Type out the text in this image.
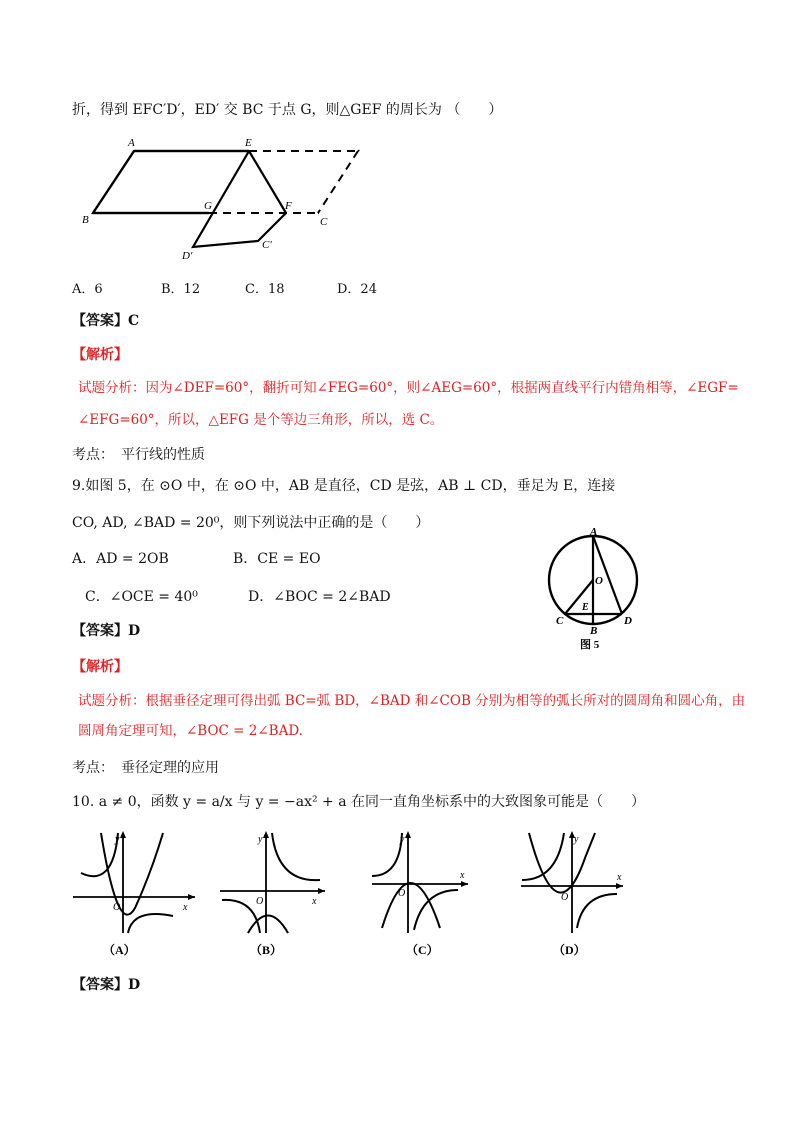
折，得到 EFC′D′，ED′ 交 BC 于点 G，则△GEF 的周长为 （　　）
A	E
B
G	F
C
D′
C′
A．6	B．12	C．18	D．24
【答案】C
【解析】
试题分析：因为∠DEF=60°，翻折可知∠FEG=60°，则∠AEG=60°，根据两直线平行内错角相等，∠EGF=
∠EFG=60°，所以，△EFG 是个等边三角形，所以，选 C。
考点：　平行线的性质
9.如图 5，在 ⊙O 中，在 ⊙O 中，AB 是直径，CD 是弦，AB ⊥ CD，垂足为 E，连接
CO, AD, ∠BAD = 20⁰，则下列说法中正确的是（　　）
A．AD = 2OB	B．CE = EO
C．∠OCE = 40⁰	D．∠BOC = 2∠BAD
A
O
E
C
B
D
图 5
【答案】D
【解析】
试题分析：根据垂径定理可得出弧 BC=弧 BD，∠BAD 和∠COB 分别为相等的弧长所对的圆周角和圆心角，由
圆周角定理可知，∠BOC = 2∠BAD.
考点：　垂径定理的应用
10. a ≠ 0，函数 y = a/x 与 y = −ax² + a 在同一直角坐标系中的大致图象可能是（　　）
y
x
O
（A）
y
x
O
（B）
y
x
O
（C）
y
x
O
（D）
【答案】D
